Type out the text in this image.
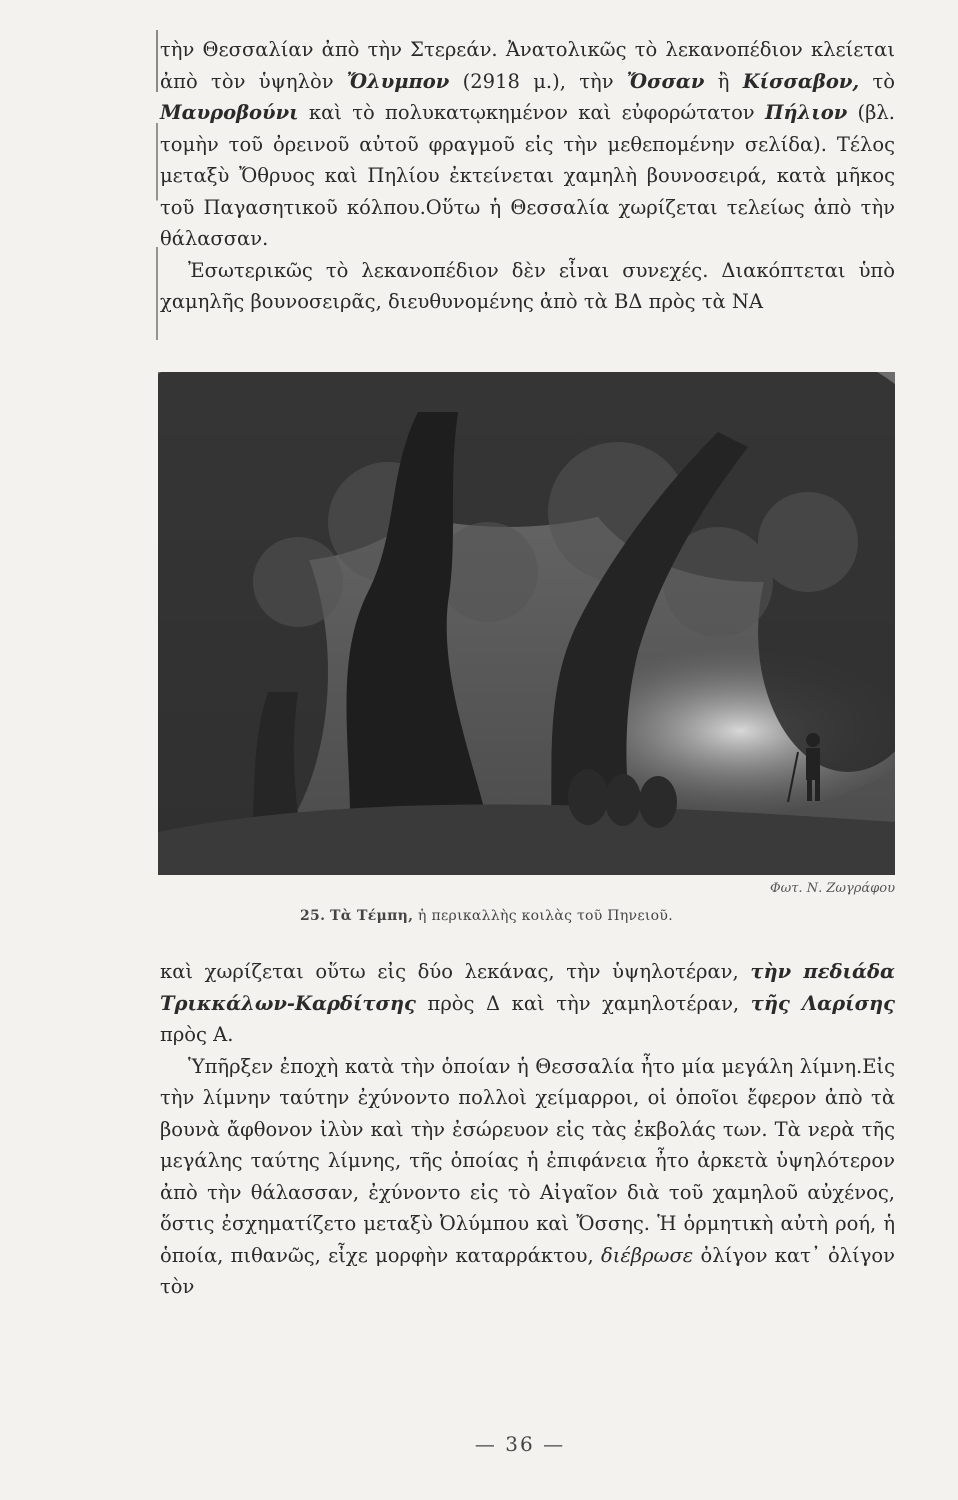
τὴν Θεσσαλίαν ἀπὸ τὴν Στερεάν. Ἀνατολικῶς τὸ λεκανοπέδιον κλείεται ἀπὸ τὸν ὑψηλὸν Ὄλυμπον (2918 μ.), τὴν Ὄσσαν ἢ Κίσσαβον, τὸ Μαυροβούνι καὶ τὸ πολυκατῳκημένον καὶ εὐφορώτατον Πήλιον (βλ. τομὴν τοῦ ὀρεινοῦ αὐτοῦ φραγμοῦ εἰς τὴν μεθεπομένην σελίδα). Τέλος μεταξὺ Ὄθρυος καὶ Πηλίου ἐκτείνεται χαμηλὴ βουνοσειρά, κατὰ μῆκος τοῦ Παγασητικοῦ κόλπου.Οὕτω ἡ Θεσσαλία χωρίζεται τελείως ἀπὸ τὴν θάλασσαν.

Ἐσωτερικῶς τὸ λεκανοπέδιον δὲν εἶναι συνεχές. Διακόπτεται ὑπὸ χαμηλῆς βουνοσειρᾶς, διευθυνομένης ἀπὸ τὰ ΒΔ πρὸς τὰ ΝΑ

Φωτ. Ν. Ζωγράφου
25. Τὰ Τέμπη, ἡ περικαλλὴς κοιλὰς τοῦ Πηνειοῦ.

καὶ χωρίζεται οὕτω εἰς δύο λεκάνας, τὴν ὑψηλοτέραν, τὴν πεδιάδα Τρικκάλων-Καρδίτσης πρὸς Δ καὶ τὴν χαμηλοτέραν, τῆς Λαρίσης πρὸς Α.

Ὑπῆρξεν ἐποχὴ κατὰ τὴν ὁποίαν ἡ Θεσσαλία ἦτο μία μεγάλη λίμνη.Εἰς τὴν λίμνην ταύτην ἐχύνοντο πολλοὶ χείμαρροι, οἱ ὁποῖοι ἔφερον ἀπὸ τὰ βουνὰ ἄφθονον ἰλὺν καὶ τὴν ἐσώρευον εἰς τὰς ἐκβολάς των. Τὰ νερὰ τῆς μεγάλης ταύτης λίμνης, τῆς ὁποίας ἡ ἐπιφάνεια ἦτο ἀρκετὰ ὑψηλότερον ἀπὸ τὴν θάλασσαν, ἐχύνοντο εἰς τὸ Αἰγαῖον διὰ τοῦ χαμηλοῦ αὐχένος, ὅστις ἐσχηματίζετο μεταξὺ Ὀλύμπου καὶ Ὄσσης. Ἡ ὁρμητικὴ αὐτὴ ροή, ἡ ὁποία, πιθανῶς, εἶχε μορφὴν καταρράκτου, διέβρωσε ὀλίγον κατ᾽ ὀλίγον τὸν

— 36 —
